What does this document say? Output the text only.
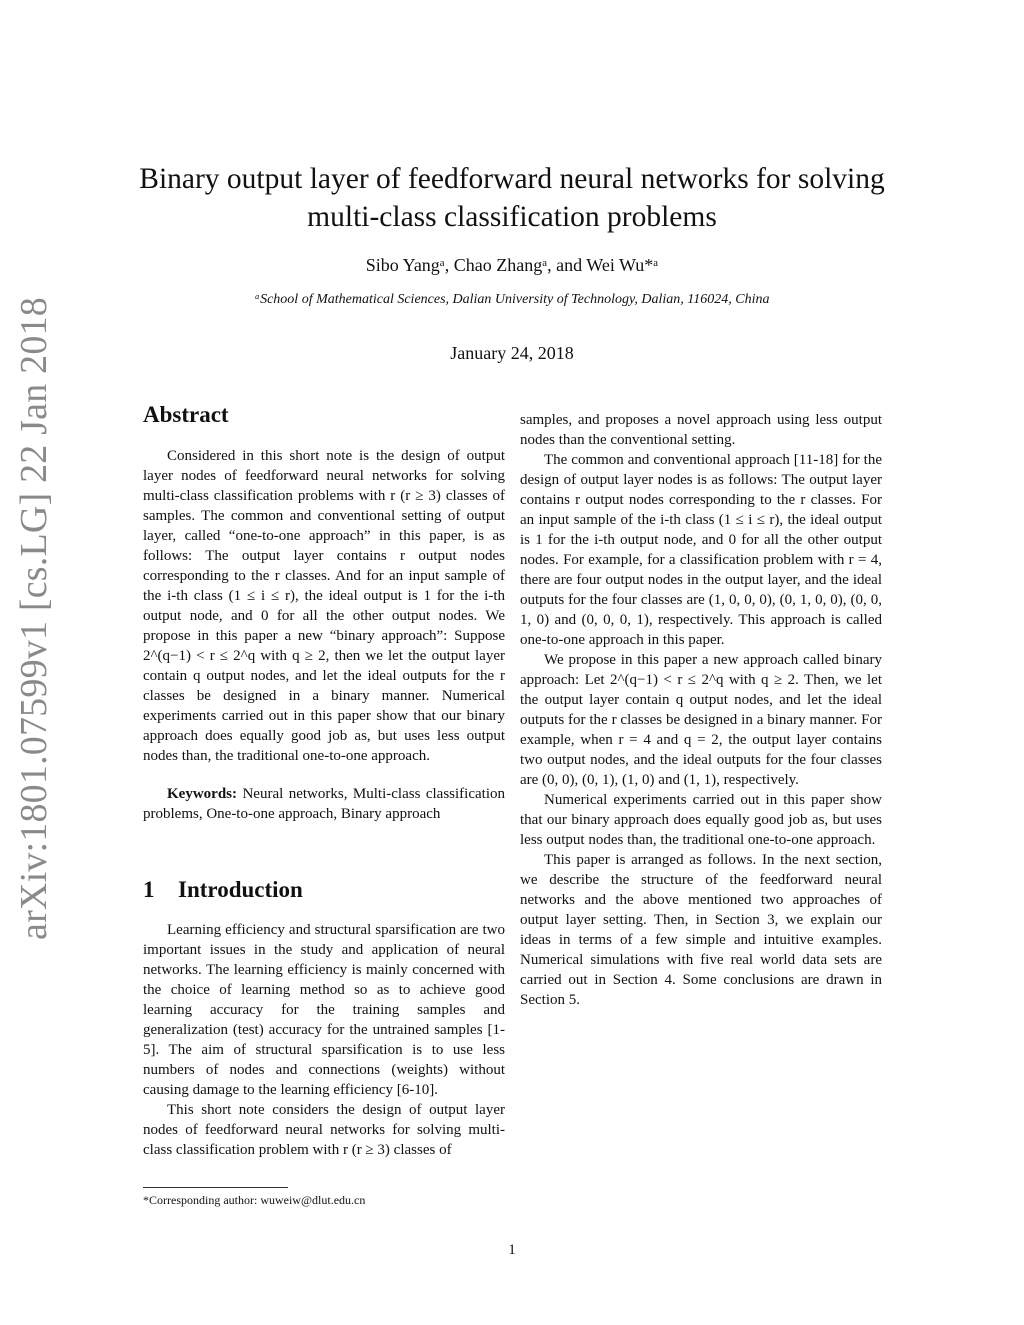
arXiv:1801.07599v1 [cs.LG] 22 Jan 2018
Binary output layer of feedforward neural networks for solving
multi-class classification problems
Sibo Yangᵃ, Chao Zhangᵃ, and Wei Wu*ᵃ
ᵃSchool of Mathematical Sciences, Dalian University of Technology, Dalian, 116024, China
January 24, 2018
Abstract

Considered in this short note is the design of output layer nodes of feedforward neural networks for solving multi-class classification problems with r (r ≥ 3) classes of samples. The common and conventional setting of output layer, called “one-to-one approach” in this paper, is as follows: The output layer contains r output nodes corresponding to the r classes. And for an input sample of the i-th class (1 ≤ i ≤ r), the ideal output is 1 for the i-th output node, and 0 for all the other output nodes. We propose in this paper a new “binary approach”: Suppose 2^(q−1) < r ≤ 2^q with q ≥ 2, then we let the output layer contain q output nodes, and let the ideal outputs for the r classes be designed in a binary manner. Numerical experiments carried out in this paper show that our binary approach does equally good job as, but uses less output nodes than, the traditional one-to-one approach.

Keywords: Neural networks, Multi-class classification problems, One-to-one approach, Binary approach

1 Introduction

Learning efficiency and structural sparsification are two important issues in the study and application of neural networks. The learning efficiency is mainly concerned with the choice of learning method so as to achieve good learning accuracy for the training samples and generalization (test) accuracy for the untrained samples [1-5]. The aim of structural sparsification is to use less numbers of nodes and connections (weights) without causing damage to the learning efficiency [6-10].

This short note considers the design of output layer nodes of feedforward neural networks for solving multi-class classification problem with r (r ≥ 3) classes of

samples, and proposes a novel approach using less output nodes than the conventional setting.

The common and conventional approach [11-18] for the design of output layer nodes is as follows: The output layer contains r output nodes corresponding to the r classes. For an input sample of the i-th class (1 ≤ i ≤ r), the ideal output is 1 for the i-th output node, and 0 for all the other output nodes. For example, for a classification problem with r = 4, there are four output nodes in the output layer, and the ideal outputs for the four classes are (1, 0, 0, 0), (0, 1, 0, 0), (0, 0, 1, 0) and (0, 0, 0, 1), respectively. This approach is called one-to-one approach in this paper.

We propose in this paper a new approach called binary approach: Let 2^(q−1) < r ≤ 2^q with q ≥ 2. Then, we let the output layer contain q output nodes, and let the ideal outputs for the r classes be designed in a binary manner. For example, when r = 4 and q = 2, the output layer contains two output nodes, and the ideal outputs for the four classes are (0, 0), (0, 1), (1, 0) and (1, 1), respectively.

Numerical experiments carried out in this paper show that our binary approach does equally good job as, but uses less output nodes than, the traditional one-to-one approach.

This paper is arranged as follows. In the next section, we describe the structure of the feedforward neural networks and the above mentioned two approaches of output layer setting. Then, in Section 3, we explain our ideas in terms of a few simple and intuitive examples. Numerical simulations with five real world data sets are carried out in Section 4. Some conclusions are drawn in Section 5.

*Corresponding author: wuweiw@dlut.edu.cn
1
